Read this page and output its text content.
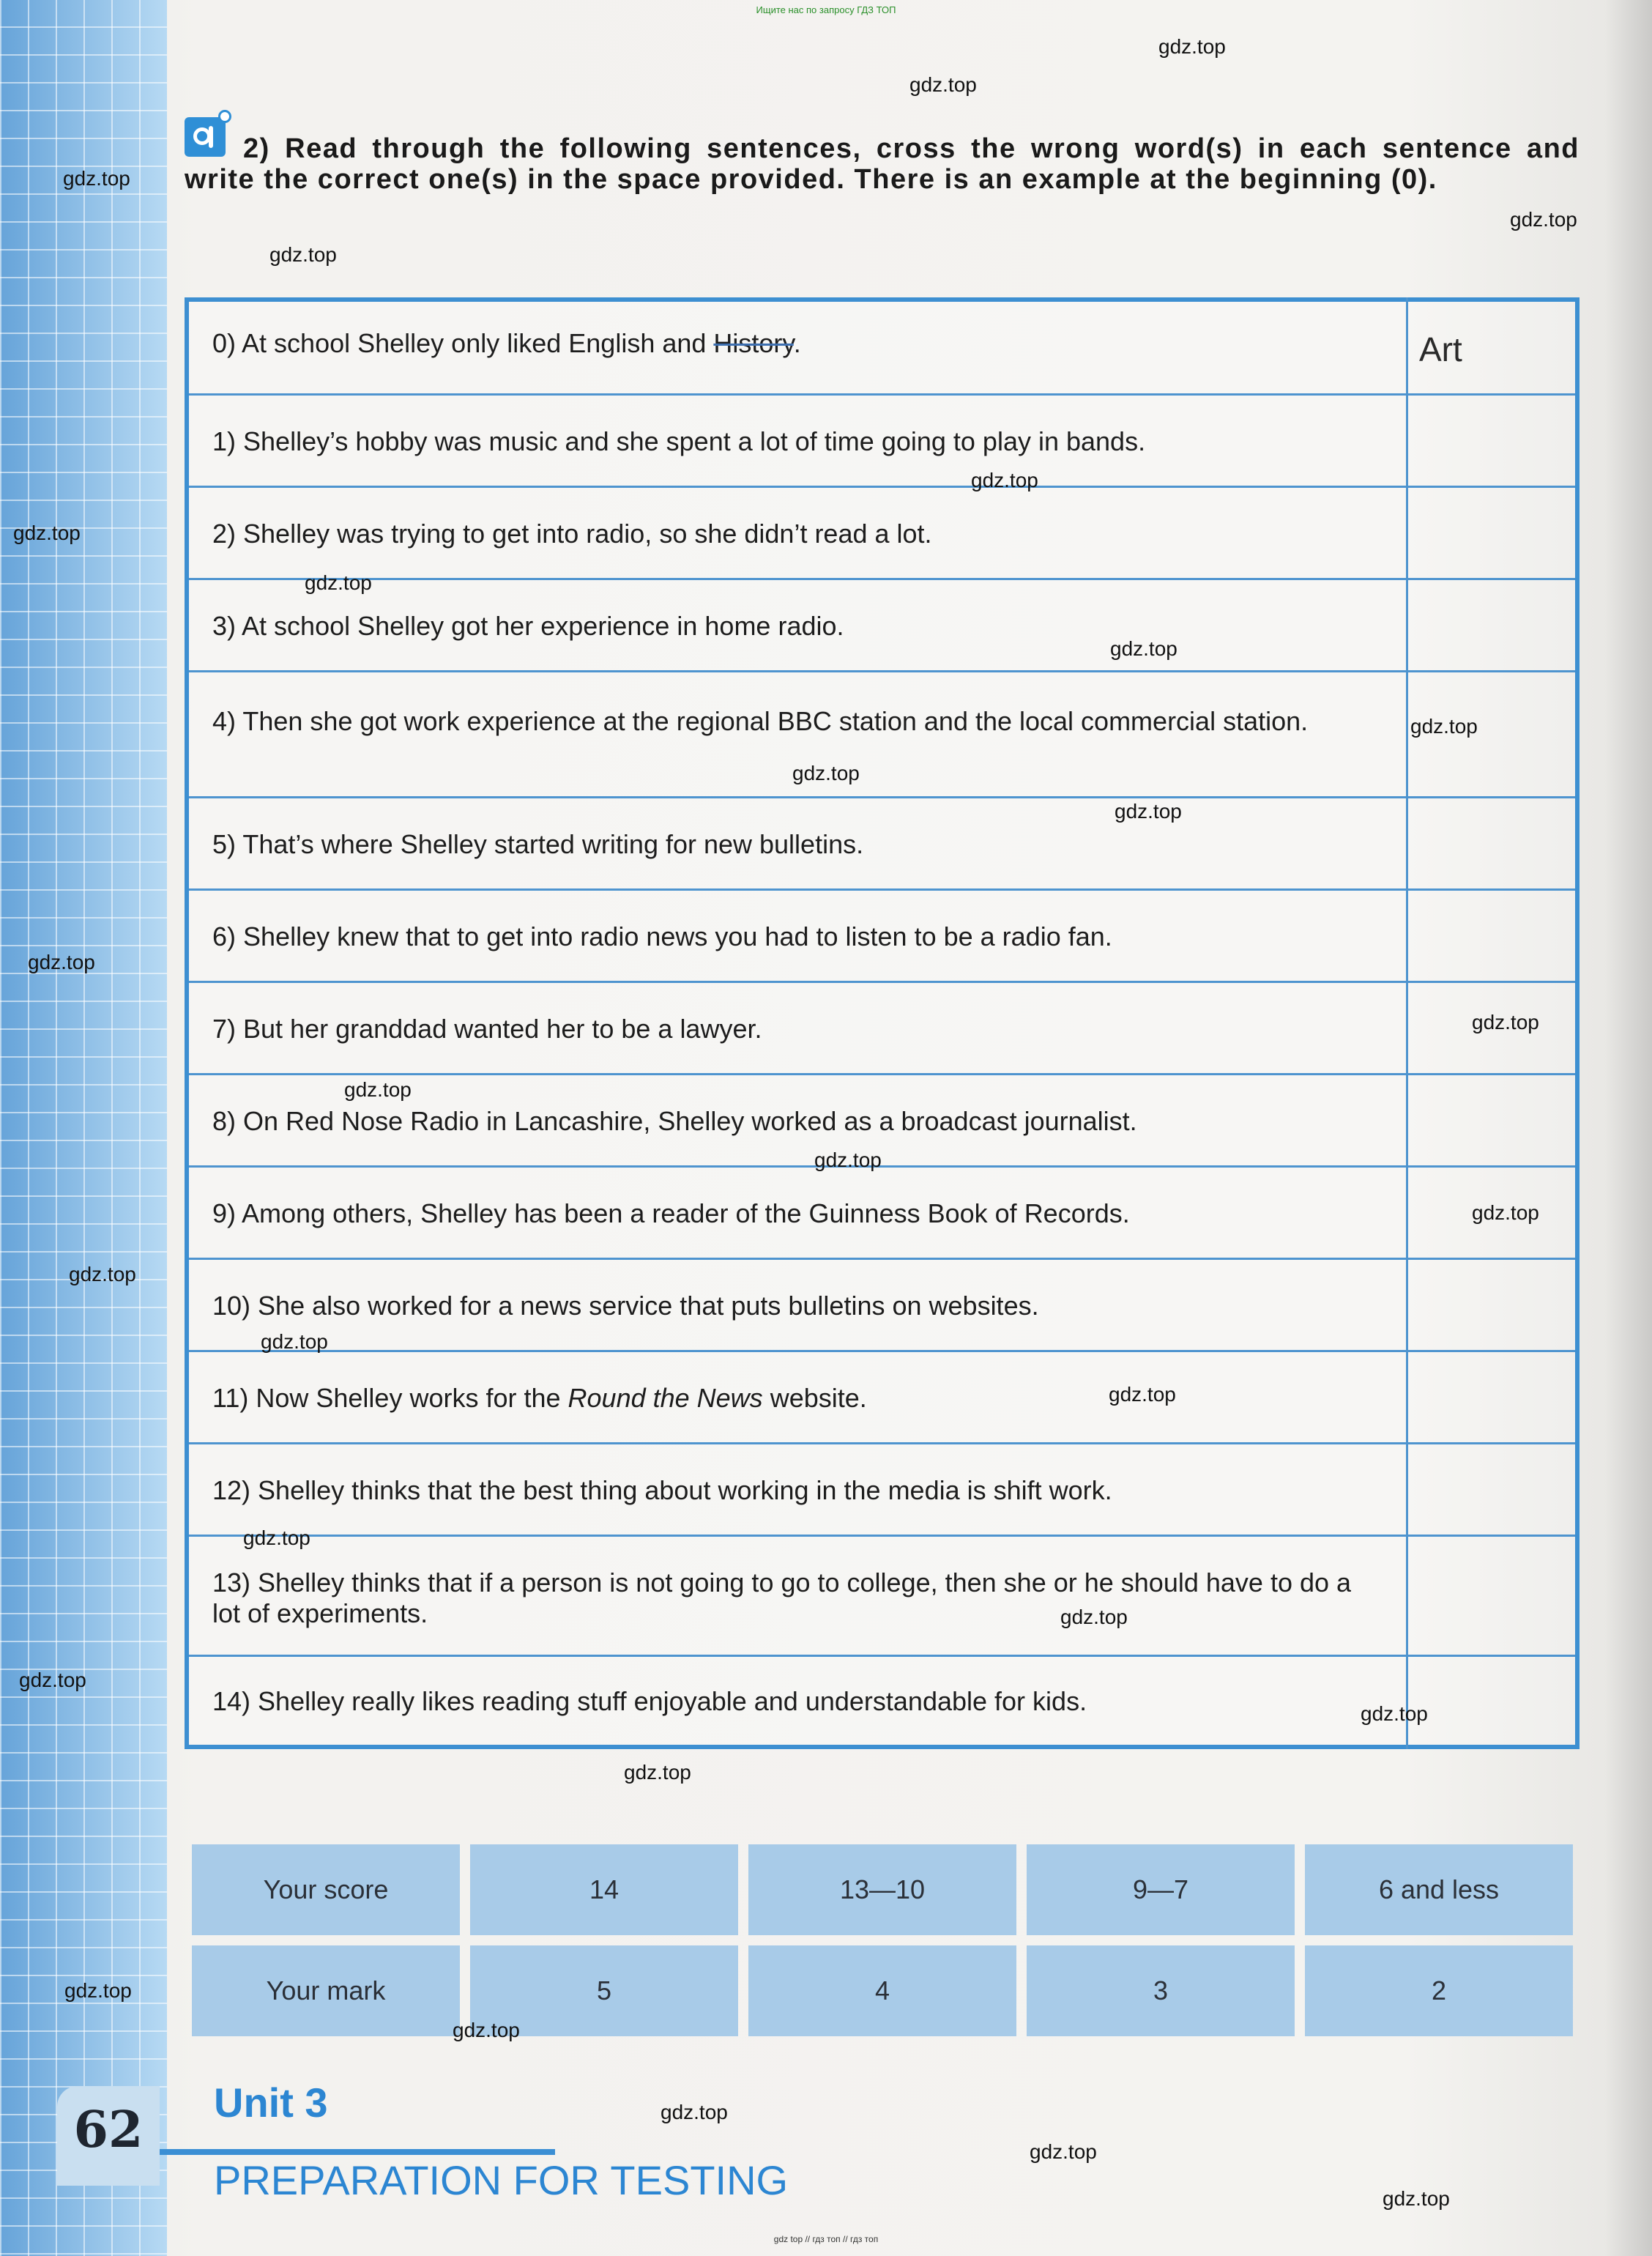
Ищите нас по запросу ГДЗ ТОП
2) Read through the following sentences, cross the wrong word(s) in each sentence and write the correct one(s) in the space provided. There is an example at the beginning (0).
0) At school Shelley only liked English and History.	Art
1) Shelley’s hobby was music and she spent a lot of time going to play in bands.
2) Shelley was trying to get into radio, so she didn’t read a lot.
3) At school Shelley got her experience in home radio.
4) Then she got work experience at the regional BBC station and the local commercial station.
5) That’s where Shelley started writing for new bulletins.
6) Shelley knew that to get into radio news you had to listen to be a radio fan.
7) But her granddad wanted her to be a lawyer.
8) On Red Nose Radio in Lancashire, Shelley worked as a broadcast journalist.
9) Among others, Shelley has been a reader of the Guinness Book of Records.
10) She also worked for a news service that puts bulletins on websites.
11) Now Shelley works for the Round the News website.
12) Shelley thinks that the best thing about working in the media is shift work.
13) Shelley thinks that if a person is not going to go to college, then she or he should have to do a lot of experiments.
14) Shelley really likes reading stuff enjoyable and understandable for kids.
Your score	14	13—10	9—7	6 and less
Your mark	5	4	3	2
62	Unit 3
PREPARATION FOR TESTING
gdz top // гдз топ // гдз топ
gdz.top
gdz.top
gdz.top
gdz.top
gdz.top
gdz.top
gdz.top
gdz.top
gdz.top
gdz.top
gdz.top
gdz.top
gdz.top
gdz.top
gdz.top
gdz.top
gdz.top
gdz.top
gdz.top
gdz.top
gdz.top
gdz.top
gdz.top
gdz.top
gdz.top
gdz.top
gdz.top
gdz.top
gdz.top
gdz.top
